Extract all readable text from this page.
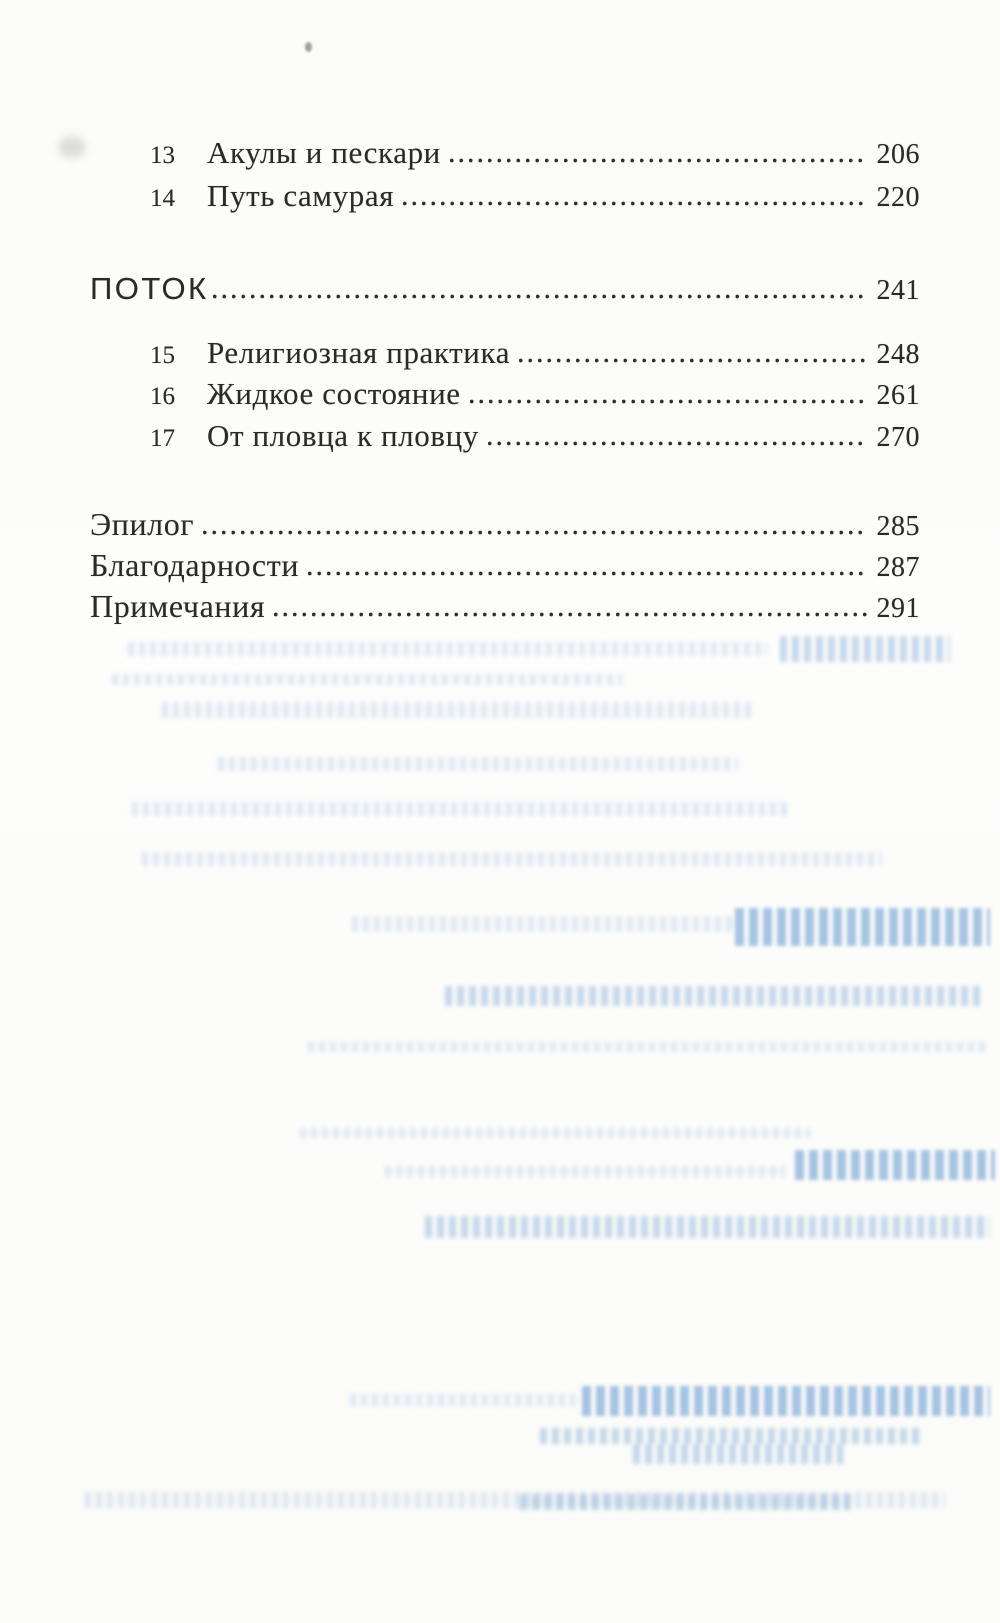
13 Акулы и пескари	206
14 Путь самурая	220
ПОТОК	241
15 Религиозная практика	248
16 Жидкое состояние	261
17 От пловца к пловцу	270
Эпилог	285
Благодарности	287
Примечания	291
